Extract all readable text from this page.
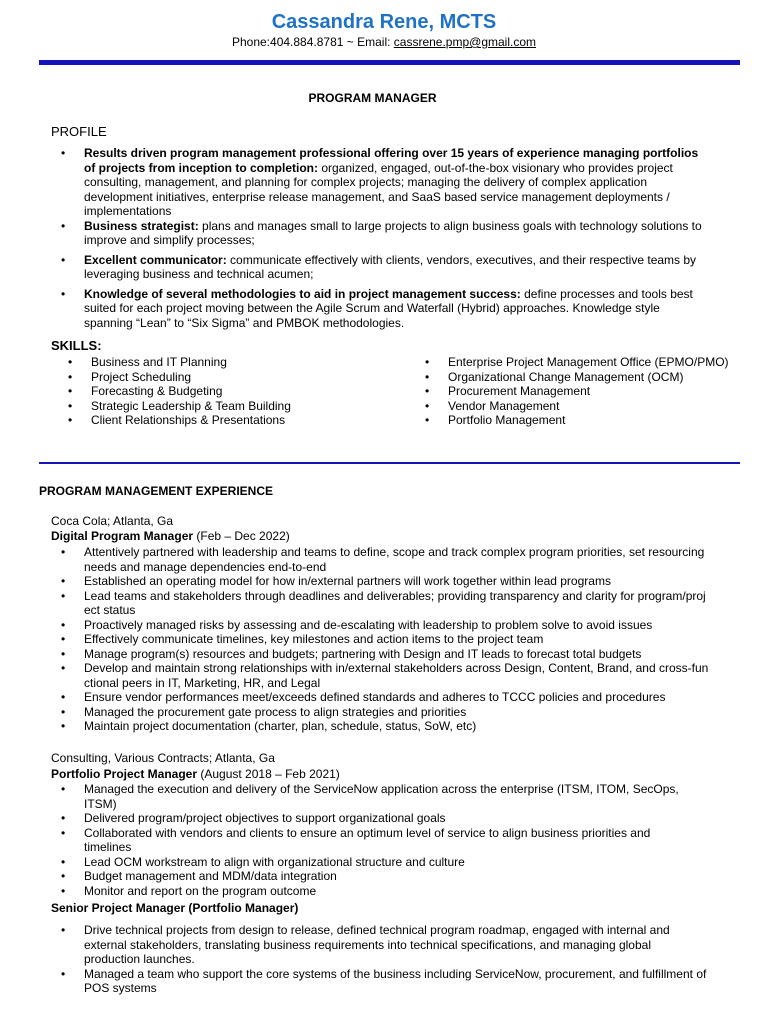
Cassandra Rene, MCTS
Phone:404.884.8781 ~ Email: cassrene.pmp@gmail.com
PROGRAM MANAGER
PROFILE
• Results driven program management professional offering over 15 years of experience managing portfolios of projects from inception to completion: organized, engaged, out-of-the-box visionary who provides project consulting, management, and planning for complex projects; managing the delivery of complex application development initiatives, enterprise release management, and SaaS based service management deployments / implementations
• Business strategist: plans and manages small to large projects to align business goals with technology solutions to improve and simplify processes;
• Excellent communicator: communicate effectively with clients, vendors, executives, and their respective teams by leveraging business and technical acumen;
• Knowledge of several methodologies to aid in project management success: define processes and tools best suited for each project moving between the Agile Scrum and Waterfall (Hybrid) approaches. Knowledge style spanning “Lean” to “Six Sigma” and PMBOK methodologies.
SKILLS:
• Business and IT Planning
• Project Scheduling
• Forecasting & Budgeting
• Strategic Leadership & Team Building
• Client Relationships & Presentations
• Enterprise Project Management Office (EPMO/PMO)
• Organizational Change Management (OCM)
• Procurement Management
• Vendor Management
• Portfolio Management
PROGRAM MANAGEMENT EXPERIENCE
Coca Cola; Atlanta, Ga
Digital Program Manager (Feb – Dec 2022)
• Attentively partnered with leadership and teams to define, scope and track complex program priorities, set resourcing needs and manage dependencies end-to-end
• Established an operating model for how in/external partners will work together within lead programs
• Lead teams and stakeholders through deadlines and deliverables; providing transparency and clarity for program/proj ect status
• Proactively managed risks by assessing and de-escalating with leadership to problem solve to avoid issues
• Effectively communicate timelines, key milestones and action items to the project team
• Manage program(s) resources and budgets; partnering with Design and IT leads to forecast total budgets
• Develop and maintain strong relationships with in/external stakeholders across Design, Content, Brand, and cross-fun ctional peers in IT, Marketing, HR, and Legal
• Ensure vendor performances meet/exceeds defined standards and adheres to TCCC policies and procedures
• Managed the procurement gate process to align strategies and priorities
• Maintain project documentation (charter, plan, schedule, status, SoW, etc)
Consulting, Various Contracts; Atlanta, Ga
Portfolio Project Manager (August 2018 – Feb 2021)
• Managed the execution and delivery of the ServiceNow application across the enterprise (ITSM, ITOM, SecOps, ITSM)
• Delivered program/project objectives to support organizational goals
• Collaborated with vendors and clients to ensure an optimum level of service to align business priorities and timelines
• Lead OCM workstream to align with organizational structure and culture
• Budget management and MDM/data integration
• Monitor and report on the program outcome
Senior Project Manager (Portfolio Manager)
• Drive technical projects from design to release, defined technical program roadmap, engaged with internal and external stakeholders, translating business requirements into technical specifications, and managing global production launches.
• Managed a team who support the core systems of the business including ServiceNow, procurement, and fulfillment of POS systems
